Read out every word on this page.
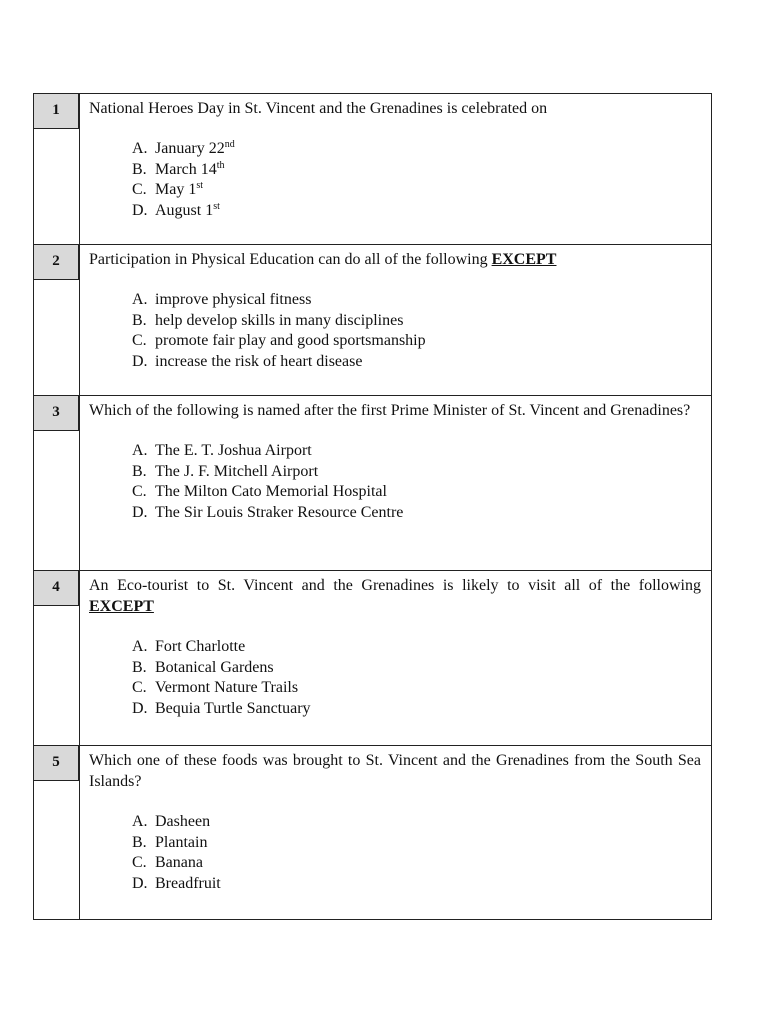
1	National Heroes Day in St. Vincent and the Grenadines is celebrated on

A. January 22nd
B. March 14th
C. May 1st
D. August 1st
2	Participation in Physical Education can do all of the following EXCEPT

A. improve physical fitness
B. help develop skills in many disciplines
C. promote fair play and good sportsmanship
D. increase the risk of heart disease
3	Which of the following is named after the first Prime Minister of St. Vincent and Grenadines?

A. The E. T. Joshua Airport
B. The J. F. Mitchell Airport
C. The Milton Cato Memorial Hospital
D. The Sir Louis Straker Resource Centre
4	An Eco-tourist to St. Vincent and the Grenadines is likely to visit all of the following EXCEPT

A. Fort Charlotte
B. Botanical Gardens
C. Vermont Nature Trails
D. Bequia Turtle Sanctuary
5	Which one of these foods was brought to St. Vincent and the Grenadines from the South Sea Islands?

A. Dasheen
B. Plantain
C. Banana
D. Breadfruit
